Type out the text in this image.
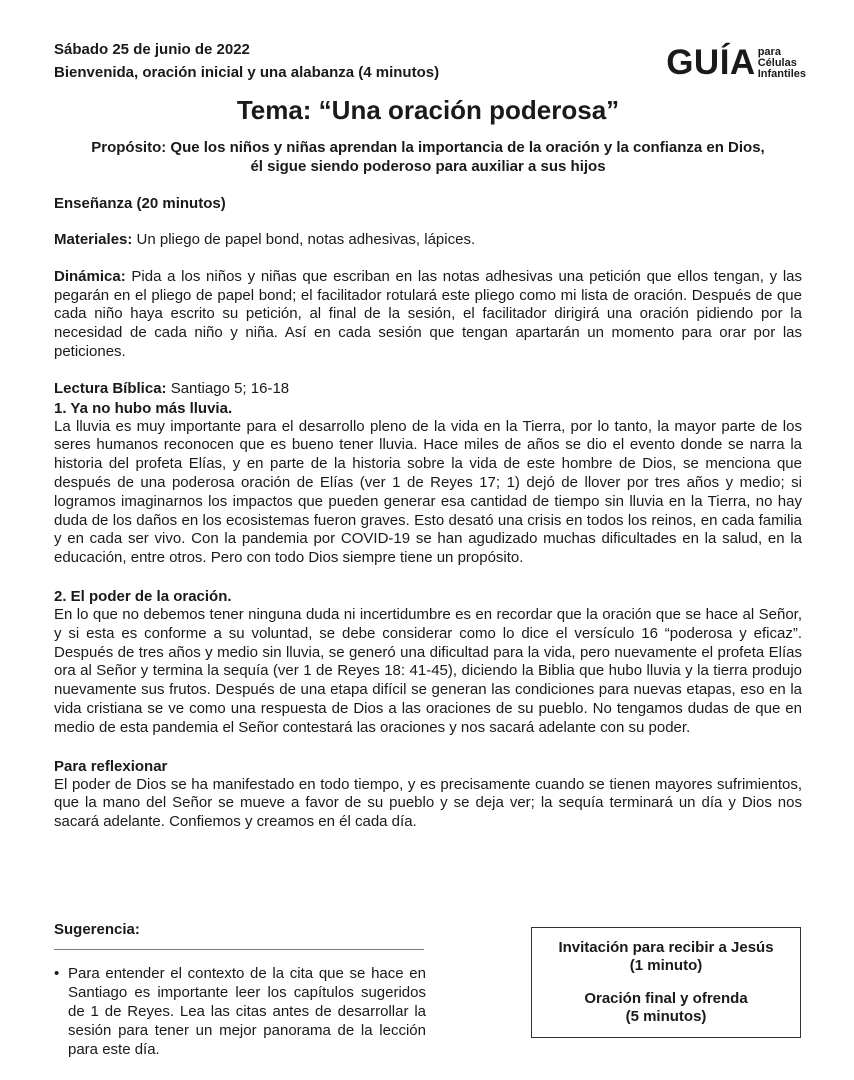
GUÍA para
Células
Infantiles
Sábado 25 de junio de 2022
Bienvenida, oración inicial y una alabanza (4 minutos)
Tema: “Una oración poderosa”
Propósito: Que los niños y niñas aprendan la importancia de la oración y la confianza en Dios,
él sigue siendo poderoso para auxiliar a sus hijos
Enseñanza (20 minutos)

Materiales: Un pliego de papel bond, notas adhesivas, lápices.

Dinámica: Pida a los niños y niñas que escriban en las notas adhesivas una petición que ellos tengan, y las pegarán en el pliego de papel bond; el facilitador rotulará este pliego como mi lista de oración. Después de que cada niño haya escrito su petición, al final de la sesión, el facilitador dirigirá una oración pidiendo por la necesidad de cada niño y niña. Así en cada sesión que tengan apartarán un momento para orar por las peticiones.

Lectura Bíblica: Santiago 5; 16-18

1. Ya no hubo más lluvia.

La lluvia es muy importante para el desarrollo pleno de la vida en la Tierra, por lo tanto, la mayor parte de los seres humanos reconocen que es bueno tener lluvia. Hace miles de años se dio el evento donde se narra la historia del profeta Elías, y en parte de la historia sobre la vida de este hombre de Dios, se menciona que después de una poderosa oración de Elías (ver 1 de Reyes 17; 1) dejó de llover por tres años y medio; si logramos imaginarnos los impactos que pueden generar esa cantidad de tiempo sin lluvia en la Tierra, no hay duda de los daños en los ecosistemas fueron graves. Esto desató una crisis en todos los reinos, en cada familia y en cada ser vivo. Con la pandemia por COVID-19 se han agudizado muchas dificultades en la salud, en la educación, entre otros. Pero con todo Dios siempre tiene un propósito.

2. El poder de la oración.

En lo que no debemos tener ninguna duda ni incertidumbre es en recordar que la oración que se hace al Señor, y si esta es conforme a su voluntad, se debe considerar como lo dice el versículo 16 “poderosa y eficaz”. Después de tres años y medio sin lluvia, se generó una dificultad para la vida, pero nuevamente el profeta Elías ora al Señor y termina la sequía (ver 1 de Reyes 18: 41-45), diciendo la Biblia que hubo lluvia y la tierra produjo nuevamente sus frutos. Después de una etapa difícil se generan las condiciones para nuevas etapas, eso en la vida cristiana se ve como una respuesta de Dios a las oraciones de su pueblo. No tengamos dudas de que en medio de esta pandemia el Señor contestará las oraciones y nos sacará adelante con su poder.

Para reflexionar

El poder de Dios se ha manifestado en todo tiempo, y es precisamente cuando se tienen mayores sufrimientos, que la mano del Señor se mueve a favor de su pueblo y se deja ver; la sequía terminará un día y Dios nos sacará adelante. Confiemos y creamos en él cada día.

Sugerencia:
• Para entender el contexto de la cita que se hace en Santiago es importante leer los capítulos sugeridos de 1 de Reyes. Lea las citas antes de desarrollar la sesión para tener un mejor panorama de la lección para este día.
Invitación para recibir a Jesús
(1 minuto)
Oración final y ofrenda
(5 minutos)
